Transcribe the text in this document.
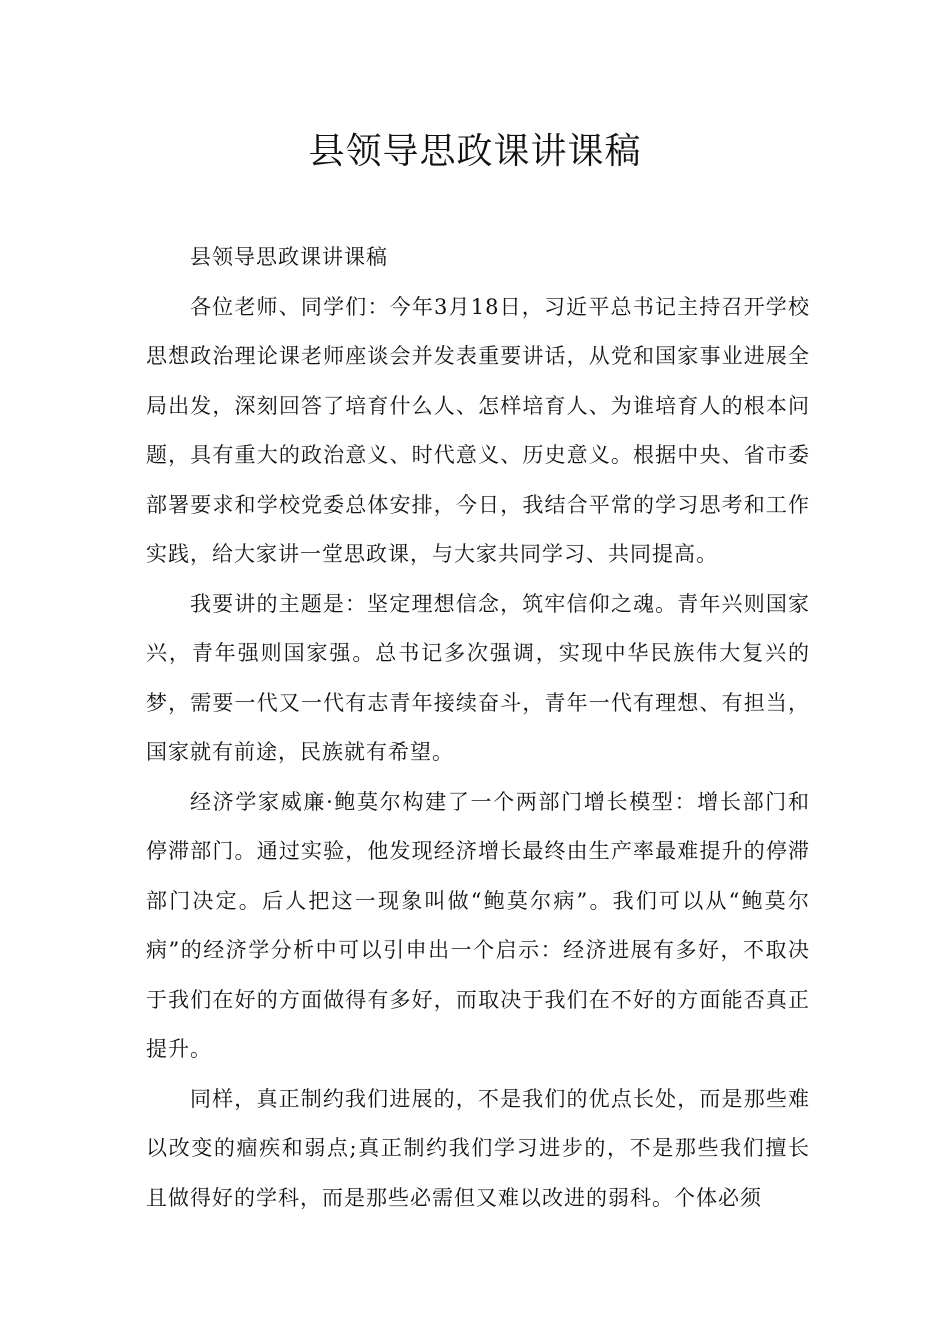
县领导思政课讲课稿

县领导思政课讲课稿

各位老师、同学们：今年3月18日，习近平总书记主持召开学校思想政治理论课老师座谈会并发表重要讲话，从党和国家事业进展全局出发，深刻回答了培育什么人、怎样培育人、为谁培育人的根本问题，具有重大的政治意义、时代意义、历史意义。根据中央、省市委部署要求和学校党委总体安排，今日，我结合平常的学习思考和工作实践，给大家讲一堂思政课，与大家共同学习、共同提高。

我要讲的主题是：坚定理想信念，筑牢信仰之魂。青年兴则国家兴，青年强则国家强。总书记多次强调，实现中华民族伟大复兴的梦，需要一代又一代有志青年接续奋斗，青年一代有理想、有担当，国家就有前途，民族就有希望。

经济学家威廉·鲍莫尔构建了一个两部门增长模型：增长部门和停滞部门。通过实验，他发现经济增长最终由生产率最难提升的停滞部门决定。后人把这一现象叫做“鲍莫尔病”。我们可以从“鲍莫尔病”的经济学分析中可以引申出一个启示：经济进展有多好，不取决于我们在好的方面做得有多好，而取决于我们在不好的方面能否真正提升。

同样，真正制约我们进展的，不是我们的优点长处，而是那些难以改变的痼疾和弱点;真正制约我们学习进步的，不是那些我们擅长且做得好的学科，而是那些必需但又难以改进的弱科。个体必须
